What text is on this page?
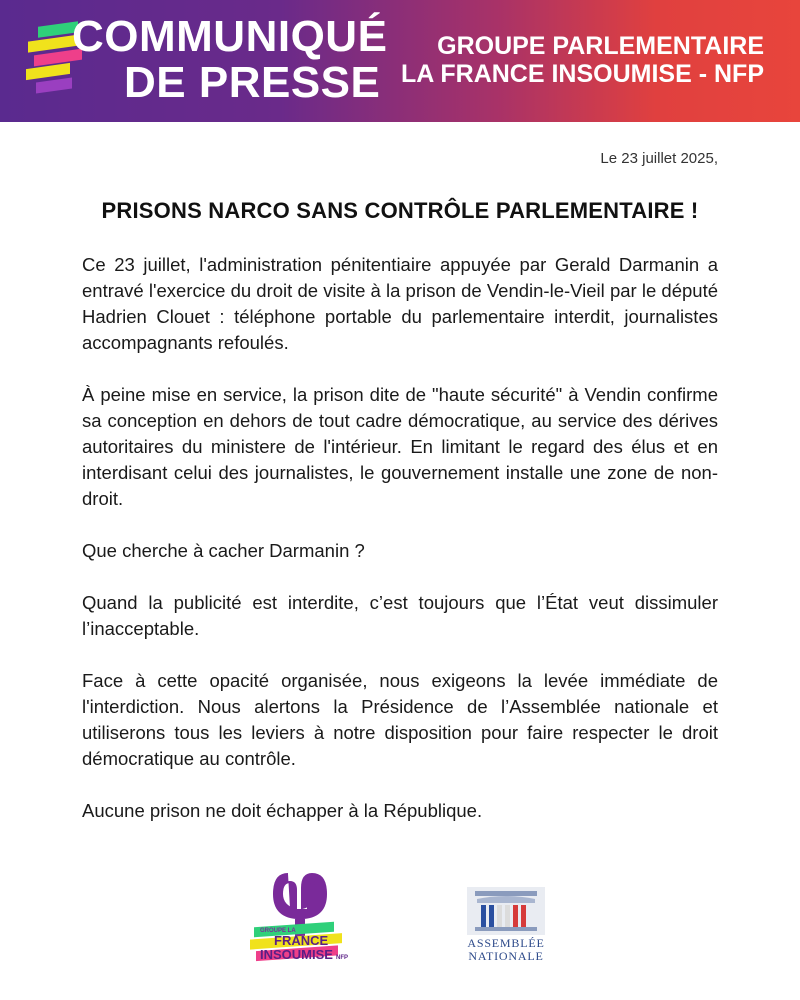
COMMUNIQUÉ
DE PRESSE
GROUPE PARLEMENTAIRE
LA FRANCE INSOUMISE - NFP
Le 23 juillet 2025,
PRISONS NARCO SANS CONTRÔLE PARLEMENTAIRE !

Ce 23 juillet, l'administration pénitentiaire appuyée par Gerald Darmanin a entravé l'exercice du droit de visite à la prison de Vendin-le-Vieil par le député Hadrien Clouet : téléphone portable du parlementaire interdit, journalistes accompagnants refoulés.

À peine mise en service, la prison dite de "haute sécurité" à Vendin confirme sa conception en dehors de tout cadre démocratique, au service des dérives autoritaires du ministere de l'intérieur. En limitant le regard des élus et en interdisant celui des journalistes, le gouvernement installe une zone de non-droit.

Que cherche à cacher Darmanin ?

Quand la publicité est interdite, c’est toujours que l’État veut dissimuler l’inacceptable.

Face à cette opacité organisée, nous exigeons la levée immédiate de l'interdiction. Nous alertons la Présidence de l’Assemblée nationale et utiliserons tous les leviers à notre disposition pour faire respecter le droit démocratique au contrôle.

Aucune prison ne doit échapper à la République.

GROUPE LA
FRANCE
INSOUMISE NFP
ASSEMBLÉE
NATIONALE
